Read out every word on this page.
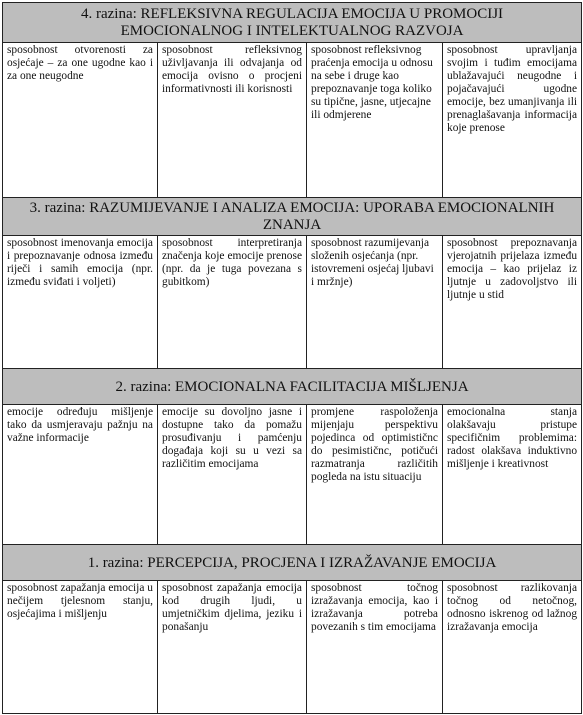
4. razina: REFLEKSIVNA REGULACIJA EMOCIJA U PROMOCIJI EMOCIONALNOG I INTELEKTUALNOG RAZVOJA			
sposobnost otvorenosti za osjećaje – za one ugodne kao i za one neugodne	sposobnost refleksivnog uživljavanja ili odvajanja od emocija ovisno o procjeni informativnosti ili korisnosti	sposobnost refleksivnog praćenja emocija u odnosu na sebe i druge kao prepoznavanje toga koliko su tipične, jasne, utjecajne ili odmjerene	sposobnost upravljanja svojim i tuđim emocijama ublažavajući neugodne i pojačavajući ugodne emocije, bez umanjivanja ili prenaglašavanja informacija koje prenose
3. razina: RAZUMIJEVANJE I ANALIZA EMOCIJA: UPORABA EMOCIONALNIH ZNANJA			
sposobnost imenovanja emocija i prepoznavanje odnosa između riječi i samih emocija (npr. između sviđati i voljeti)	sposobnost interpretiranja značenja koje emocije prenose (npr. da je tuga povezana s gubitkom)	sposobnost razumijevanja složenih osjećanja (npr. istovremeni osjećaj ljubavi i mržnje)	sposobnost prepoznavanja vjerojatnih prijelaza između emocija – kao prijelaz iz ljutnje u zadovoljstvo ili ljutnje u stid
2. razina: EMOCIONALNA FACILITACIJA MIŠLJENJA			
emocije određuju mišljenje tako da usmjeravaju pažnju na važne informacije	emocije su dovoljno jasne i dostupne tako da pomažu prosuđivanju i pamćenju događaja koji su u vezi sa različitim emocijama	promjene raspoloženja mijenjaju perspektivu pojedinca od optimističnc do pesimističnc, potičući razmatranja različitih pogleda na istu situaciju	emocionalna stanja olakšavaju pristupe specifičnim problemima: radost olakšava induktivno mišljenje i kreativnost
1. razina: PERCEPCIJA, PROCJENA I IZRAŽAVANJE EMOCIJA			
sposobnost zapažanja emocija u nečijem tjelesnom stanju, osjećajima i mišljenju	sposobnost zapažanja emocija kod drugih ljudi, u umjetničkim djelima, jeziku i ponašanju	sposobnost točnog izražavanja emocija, kao i izražavanja potreba povezanih s tim emocijama	sposobnost razlikovanja točnog od netočnog, odnosno iskrenog od lažnog izražavanja emocija
